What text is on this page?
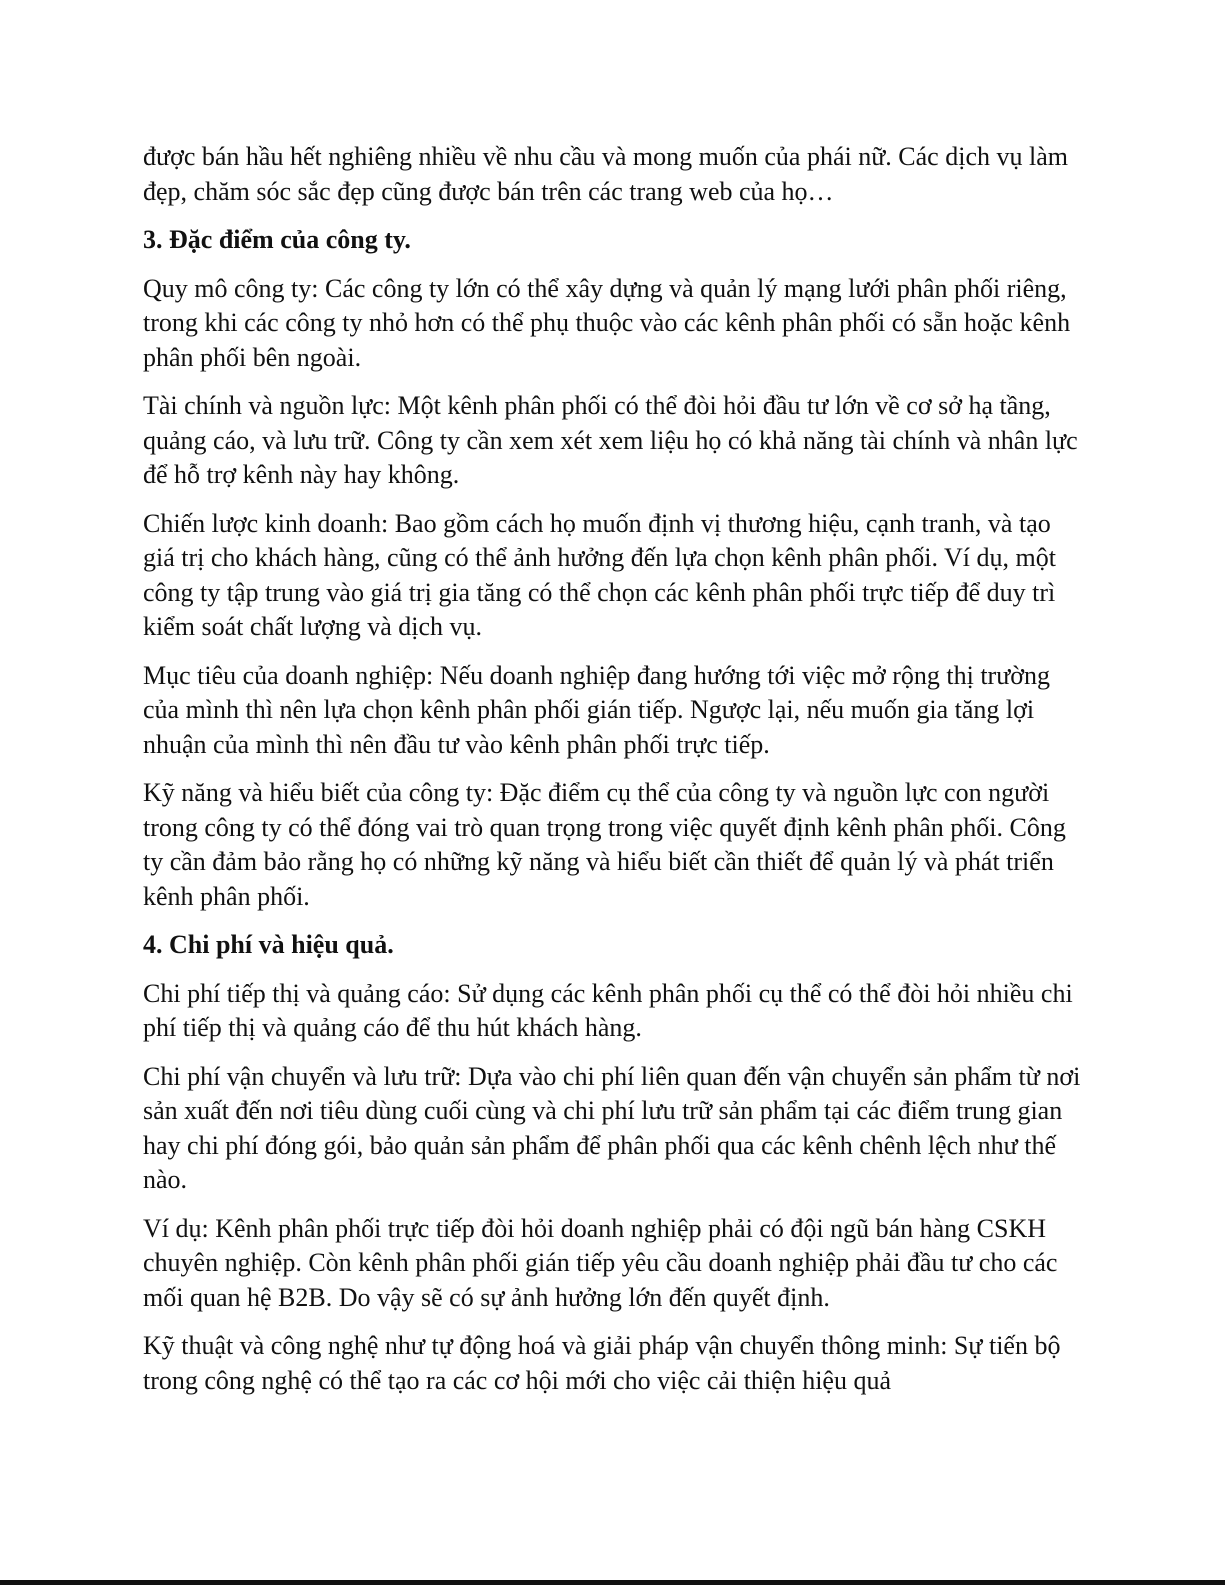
được bán hầu hết nghiêng nhiều về nhu cầu và mong muốn của phái nữ. Các dịch vụ làm đẹp, chăm sóc sắc đẹp cũng được bán trên các trang web của họ…

3. Đặc điểm của công ty.

Quy mô công ty: Các công ty lớn có thể xây dựng và quản lý mạng lưới phân phối riêng, trong khi các công ty nhỏ hơn có thể phụ thuộc vào các kênh phân phối có sẵn hoặc kênh phân phối bên ngoài.

Tài chính và nguồn lực: Một kênh phân phối có thể đòi hỏi đầu tư lớn về cơ sở hạ tầng, quảng cáo, và lưu trữ. Công ty cần xem xét xem liệu họ có khả năng tài chính và nhân lực để hỗ trợ kênh này hay không.

Chiến lược kinh doanh: Bao gồm cách họ muốn định vị thương hiệu, cạnh tranh, và tạo giá trị cho khách hàng, cũng có thể ảnh hưởng đến lựa chọn kênh phân phối. Ví dụ, một công ty tập trung vào giá trị gia tăng có thể chọn các kênh phân phối trực tiếp để duy trì kiểm soát chất lượng và dịch vụ.

Mục tiêu của doanh nghiệp: Nếu doanh nghiệp đang hướng tới việc mở rộng thị trường của mình thì nên lựa chọn kênh phân phối gián tiếp. Ngược lại, nếu muốn gia tăng lợi nhuận của mình thì nên đầu tư vào kênh phân phối trực tiếp.

Kỹ năng và hiểu biết của công ty: Đặc điểm cụ thể của công ty và nguồn lực con người trong công ty có thể đóng vai trò quan trọng trong việc quyết định kênh phân phối. Công ty cần đảm bảo rằng họ có những kỹ năng và hiểu biết cần thiết để quản lý và phát triển kênh phân phối.

4. Chi phí và hiệu quả.

Chi phí tiếp thị và quảng cáo: Sử dụng các kênh phân phối cụ thể có thể đòi hỏi nhiều chi phí tiếp thị và quảng cáo để thu hút khách hàng.

Chi phí vận chuyển và lưu trữ: Dựa vào chi phí liên quan đến vận chuyển sản phẩm từ nơi sản xuất đến nơi tiêu dùng cuối cùng và chi phí lưu trữ sản phẩm tại các điểm trung gian hay chi phí đóng gói, bảo quản sản phẩm để phân phối qua các kênh chênh lệch như thế nào.

Ví dụ: Kênh phân phối trực tiếp đòi hỏi doanh nghiệp phải có đội ngũ bán hàng CSKH chuyên nghiệp. Còn kênh phân phối gián tiếp yêu cầu doanh nghiệp phải đầu tư cho các mối quan hệ B2B. Do vậy sẽ có sự ảnh hưởng lớn đến quyết định.

Kỹ thuật và công nghệ như tự động hoá và giải pháp vận chuyển thông minh: Sự tiến bộ trong công nghệ có thể tạo ra các cơ hội mới cho việc cải thiện hiệu quả
